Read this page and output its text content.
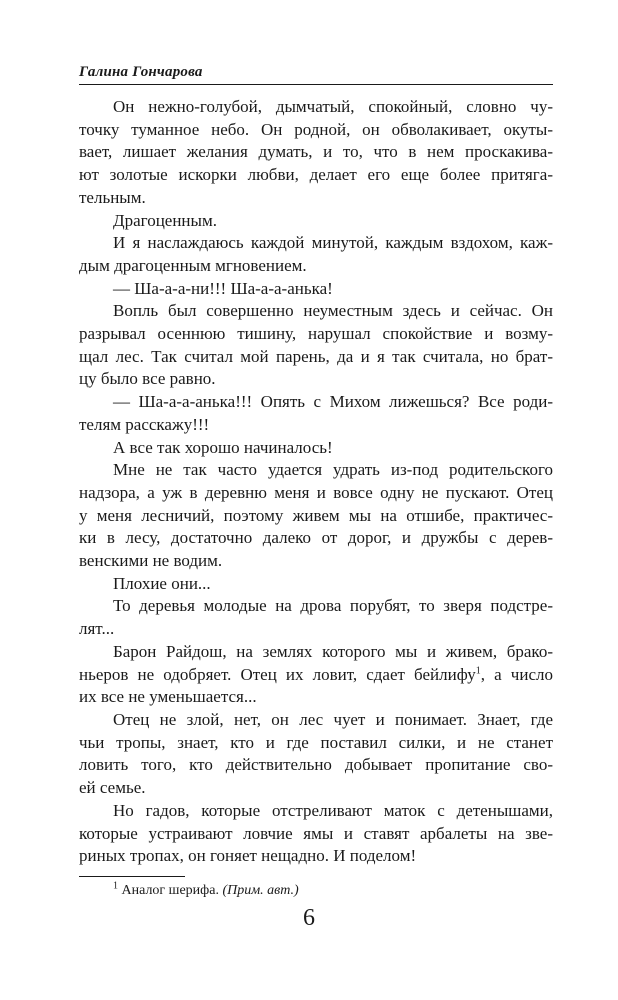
Галина Гончарова

Он нежно-голубой, дымчатый, спокойный, словно чу-
точку туманное небо. Он родной, он обволакивает, окуты-
вает, лишает желания думать, и то, что в нем проскакива-
ют золотые искорки любви, делает его еще более притяга-
тельным.

Драгоценным.

И я наслаждаюсь каждой минутой, каждым вздохом, каж-
дым драгоценным мгновением.

— Ша-а-а-ни!!! Ша-а-а-анька!

Вопль был совершенно неуместным здесь и сейчас. Он
разрывал осеннюю тишину, нарушал спокойствие и возму-
щал лес. Так считал мой парень, да и я так считала, но брат-
цу было все равно.

— Ша-а-а-анька!!! Опять с Михом лижешься? Все роди-
телям расскажу!!!

А все так хорошо начиналось!

Мне не так часто удается удрать из-под родительского
надзора, а уж в деревню меня и вовсе одну не пускают. Отец
у меня лесничий, поэтому живем мы на отшибе, практичес-
ки в лесу, достаточно далеко от дорог, и дружбы с дерев-
венскими не водим.

Плохие они...

То деревья молодые на дрова порубят, то зверя подстре-
лят...

Барон Райдош, на землях которого мы и живем, брако-
ньеров не одобряет. Отец их ловит, сдает бейлифу$^1$, а число
их все не уменьшается...

Отец не злой, нет, он лес чует и понимает. Знает, где
чьи тропы, знает, кто и где поставил силки, и не станет
ловить того, кто действительно добывает пропитание сво-
ей семье.

Но гадов, которые отстреливают маток с детенышами,
которые устраивают ловчие ямы и ставят арбалеты на зве-
риных тропах, он гоняет нещадно. И поделом!

$^1$ Аналог шерифа. (Прим. авт.)
6
